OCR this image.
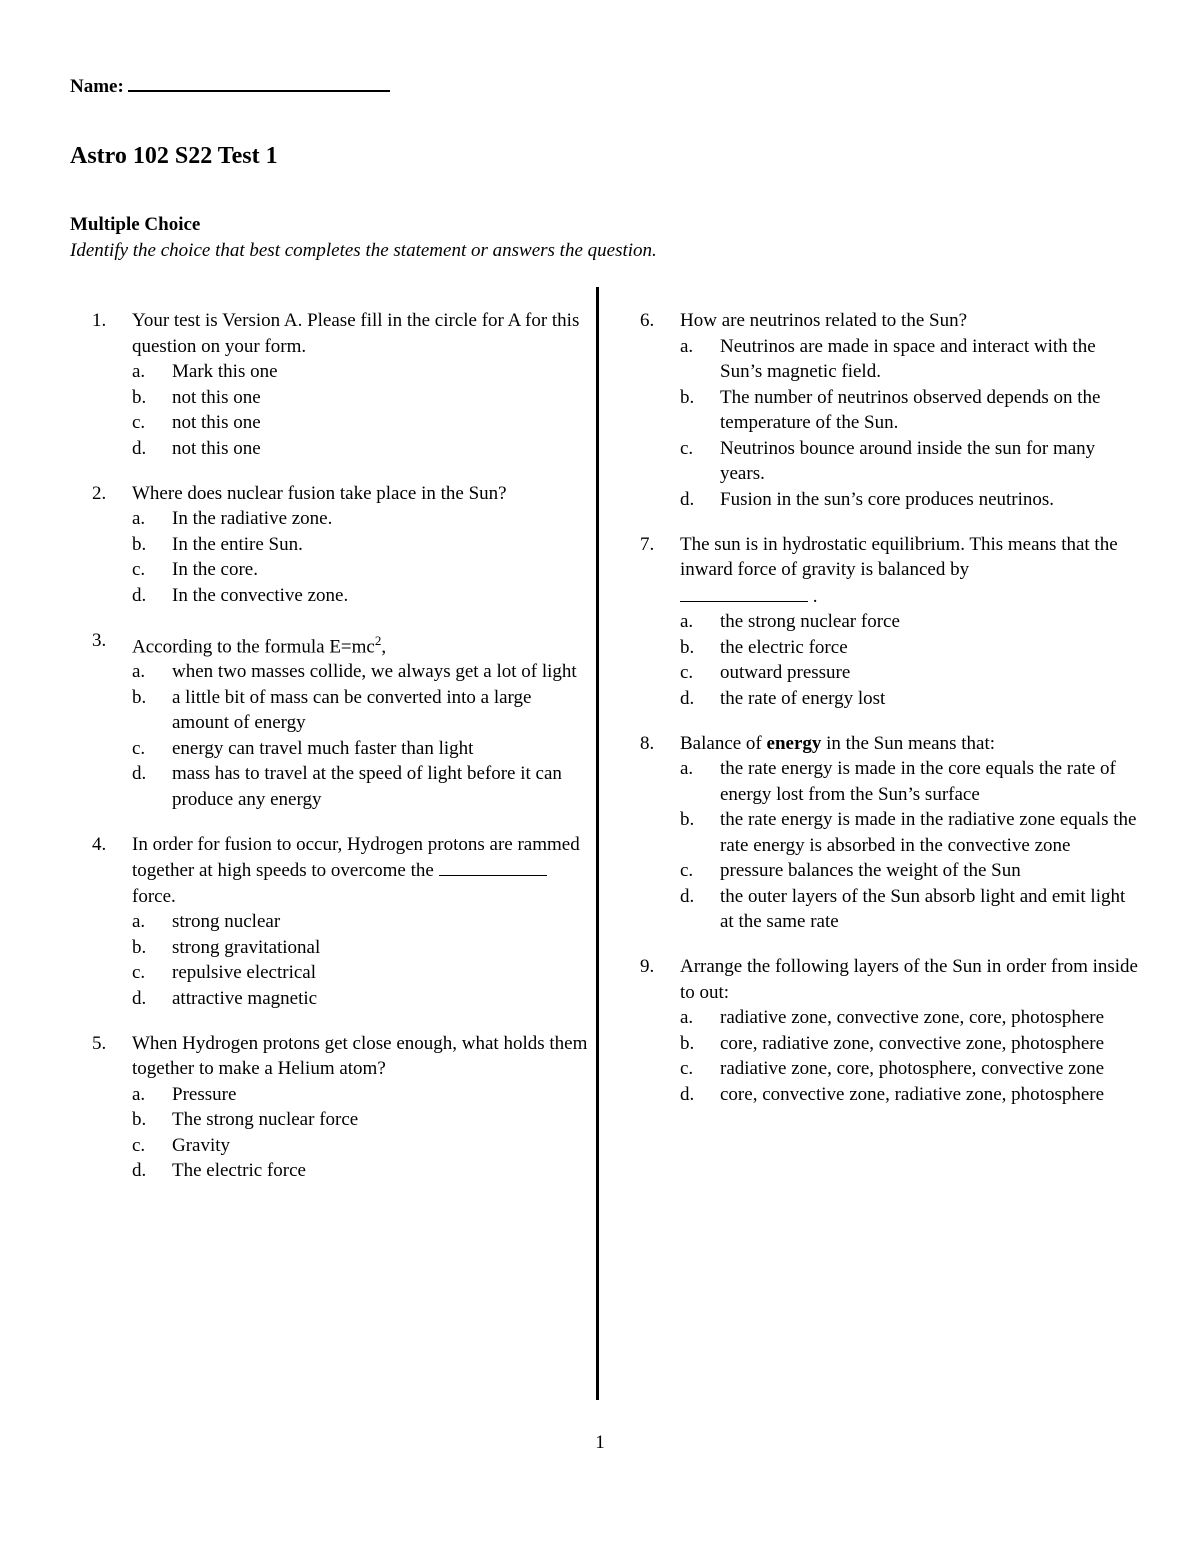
Name:
Astro 102 S22 Test 1
Multiple Choice
Identify the choice that best completes the statement or answers the question.
1.	Your test is Version A. Please fill in the circle for A for this question on your form.
a.	Mark this one
b.	not this one
c.	not this one
d.	not this one
2.	Where does nuclear fusion take place in the Sun?
a.	In the radiative zone.
b.	In the entire Sun.
c.	In the core.
d.	In the convective zone.
3.	According to the formula $E=mc^2$,
a.	when two masses collide, we always get a lot of light
b.	a little bit of mass can be converted into a large amount of energy
c.	energy can travel much faster than light
d.	mass has to travel at the speed of light before it can produce any energy
4.	In order for fusion to occur, Hydrogen protons are rammed together at high speeds to overcome the  force.
a.	strong nuclear
b.	strong gravitational
c.	repulsive electrical
d.	attractive magnetic
5.	When Hydrogen protons get close enough, what holds them together to make a Helium atom?
a.	Pressure
b.	The strong nuclear force
c.	Gravity
d.	The electric force
6.	How are neutrinos related to the Sun?
a.	Neutrinos are made in space and interact with the Sun’s magnetic field.
b.	The number of neutrinos observed depends on the temperature of the Sun.
c.	Neutrinos bounce around inside the sun for many years.
d.	Fusion in the sun’s core produces neutrinos.
7.	The sun is in hydrostatic equilibrium. This means that the inward force of gravity is balanced by
.
a.	the strong nuclear force
b.	the electric force
c.	outward pressure
d.	the rate of energy lost
8.	Balance of energy in the Sun means that:
a.	the rate energy is made in the core equals the rate of energy lost from the Sun’s surface
b.	the rate energy is made in the radiative zone equals the rate energy is absorbed in the convective zone
c.	pressure balances the weight of the Sun
d.	the outer layers of the Sun absorb light and emit light at the same rate
9.	Arrange the following layers of the Sun in order from inside to out:
a.	radiative zone, convective zone, core, photosphere
b.	core, radiative zone, convective zone, photosphere
c.	radiative zone, core, photosphere, convective zone
d.	core, convective zone, radiative zone, photosphere
1
